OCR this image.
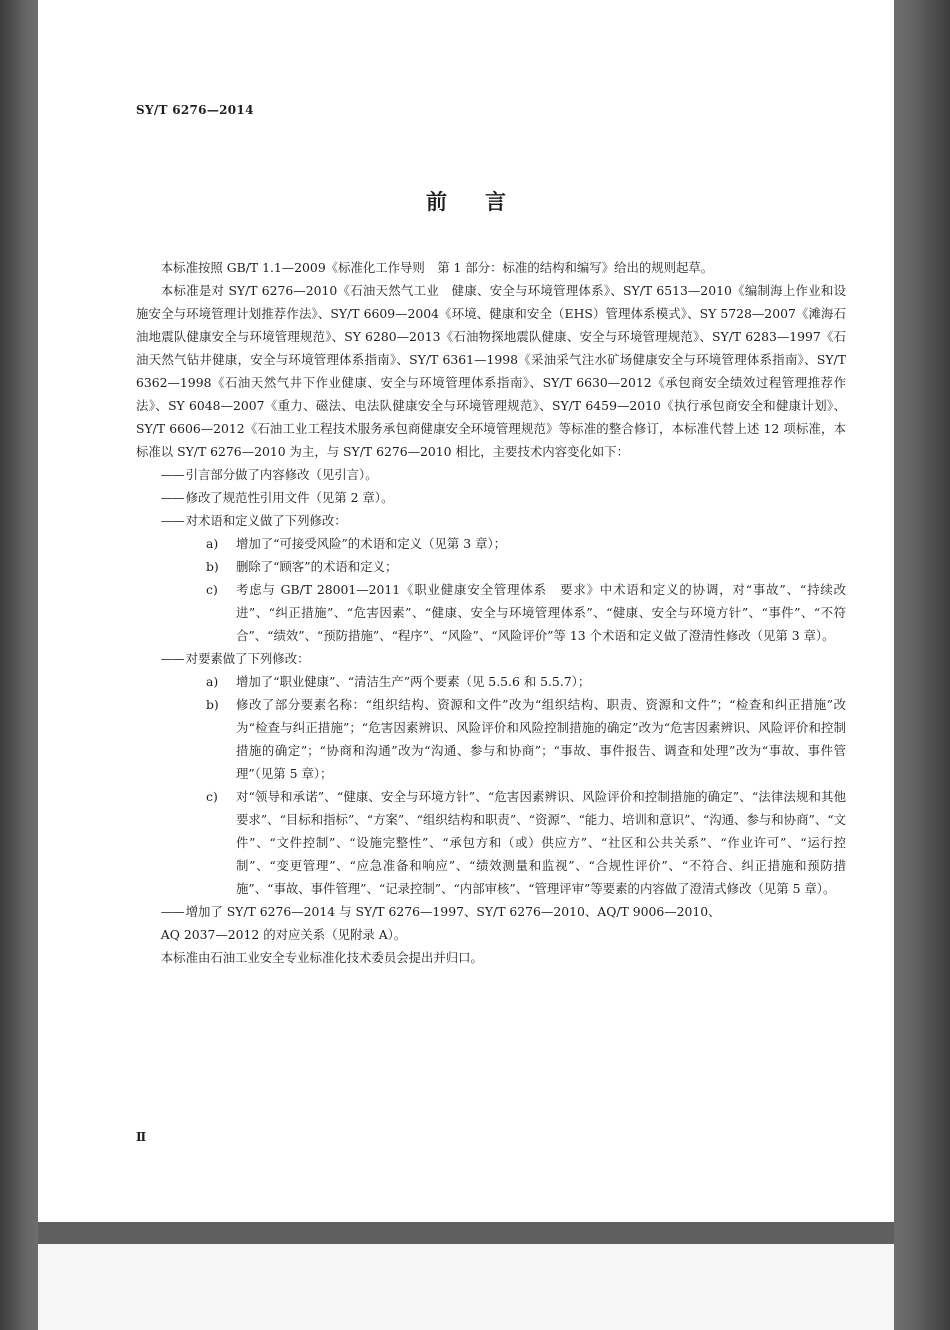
SY/T 6276—2014
前言

本标准按照 GB/T 1.1—2009《标准化工作导则　第 1 部分：标准的结构和编写》给出的规则起草。

本标准是对 SY/T 6276—2010《石油天然气工业　健康、安全与环境管理体系》、SY/T 6513—2010《编制海上作业和设施安全与环境管理计划推荐作法》、SY/T 6609—2004《环境、健康和安全（EHS）管理体系模式》、SY 5728—2007《滩海石油地震队健康安全与环境管理规范》、SY 6280—2013《石油物探地震队健康、安全与环境管理规范》、SY/T 6283—1997《石油天然气钻井健康，安全与环境管理体系指南》、SY/T 6361—1998《采油采气注水矿场健康安全与环境管理体系指南》、SY/T 6362—1998《石油天然气井下作业健康、安全与环境管理体系指南》、SY/T 6630—2012《承包商安全绩效过程管理推荐作法》、SY 6048—2007《重力、磁法、电法队健康安全与环境管理规范》、SY/T 6459—2010《执行承包商安全和健康计划》、SY/T 6606—2012《石油工业工程技术服务承包商健康安全环境管理规范》等标准的整合修订，本标准代替上述 12 项标准，本标准以 SY/T 6276—2010 为主，与 SY/T 6276—2010 相比，主要技术内容变化如下：

—— 引言部分做了内容修改（见引言）。

—— 修改了规范性引用文件（见第 2 章）。

—— 对术语和定义做了下列修改：

a)	增加了“可接受风险”的术语和定义（见第 3 章）；
b)	删除了“顾客”的术语和定义；
c)	考虑与 GB/T 28001—2011《职业健康安全管理体系　要求》中术语和定义的协调，对“事故”、“持续改进”、“纠正措施”、“危害因素”、“健康、安全与环境管理体系”、“健康、安全与环境方针”、“事件”、“不符合”、“绩效”、“预防措施”、“程序”、“风险”、“风险评价”等 13 个术语和定义做了澄清性修改（见第 3 章）。

—— 对要素做了下列修改：

a)	增加了“职业健康”、“清洁生产”两个要素（见 5.5.6 和 5.5.7）；
b)	修改了部分要素名称：“组织结构、资源和文件”改为“组织结构、职责、资源和文件”；“检查和纠正措施”改为“检查与纠正措施”；“危害因素辨识、风险评价和风险控制措施的确定”改为“危害因素辨识、风险评价和控制措施的确定”；“协商和沟通”改为“沟通、参与和协商”；“事故、事件报告、调查和处理”改为“事故、事件管理”（见第 5 章）；
c)	对“领导和承诺”、“健康、安全与环境方针”、“危害因素辨识、风险评价和控制措施的确定”、“法律法规和其他要求”、“目标和指标”、“方案”、“组织结构和职责”、“资源”、“能力、培训和意识”、“沟通、参与和协商”、“文件”、“文件控制”、“设施完整性”、“承包方和（或）供应方”、“社区和公共关系”、“作业许可”、“运行控制”、“变更管理”、“应急准备和响应”、“绩效测量和监视”、“合规性评价”、“不符合、纠正措施和预防措施”、“事故、事件管理”、“记录控制”、“内部审核”、“管理评审”等要素的内容做了澄清式修改（见第 5 章）。

—— 增加了 SY/T 6276—2014 与 SY/T 6276—1997、SY/T 6276—2010、AQ/T 9006—2010、

AQ 2037—2012 的对应关系（见附录 A）。

本标准由石油工业安全专业标准化技术委员会提出并归口。

Ⅱ
